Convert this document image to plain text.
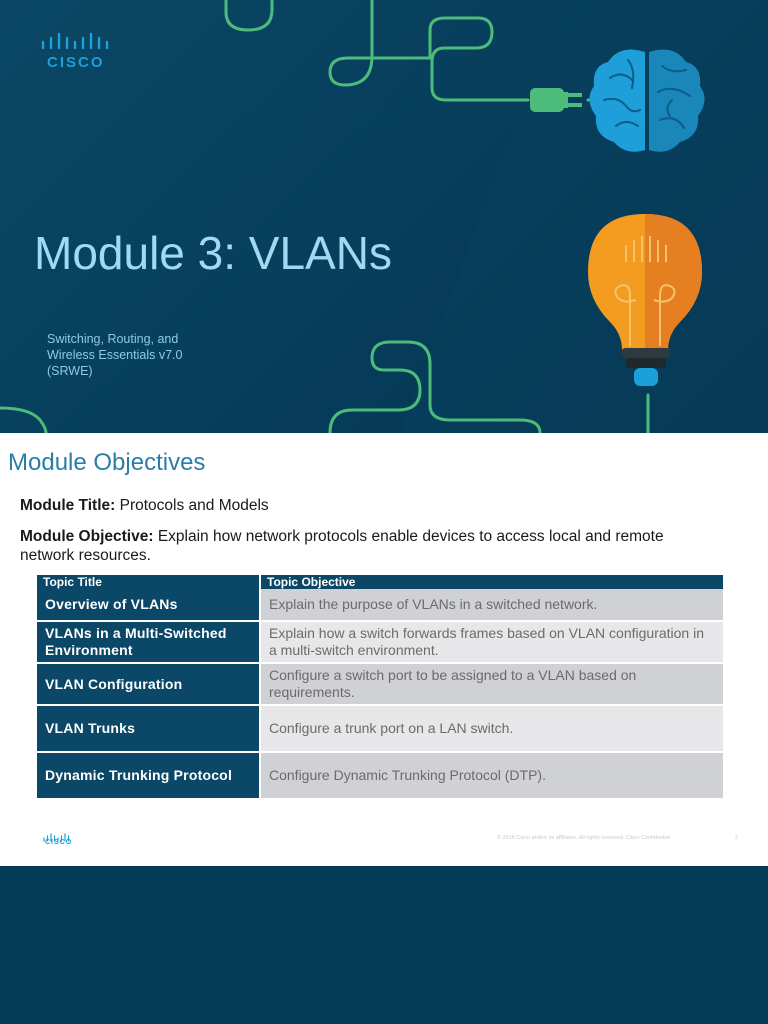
CISCO
Module 3: VLANs
Switching, Routing, and
Wireless Essentials v7.0
(SRWE)
Module Objectives
Module Title: Protocols and Models
Module Objective: Explain how network protocols enable devices to access local and remote network resources.
Topic Title	Topic Objective
Overview of VLANs	Explain the purpose of VLANs in a switched network.
VLANs in a Multi-Switched Environment	Explain how a switch forwards frames based on VLAN configuration in a multi-switch environment.
VLAN Configuration	Configure a switch port to be assigned to a VLAN based on requirements.
VLAN Trunks	Configure a trunk port on a LAN switch.
Dynamic Trunking Protocol	Configure Dynamic Trunking Protocol (DTP).
CISCO
© 2016 Cisco and/or its affiliates. All rights reserved. Cisco Confidential	2
